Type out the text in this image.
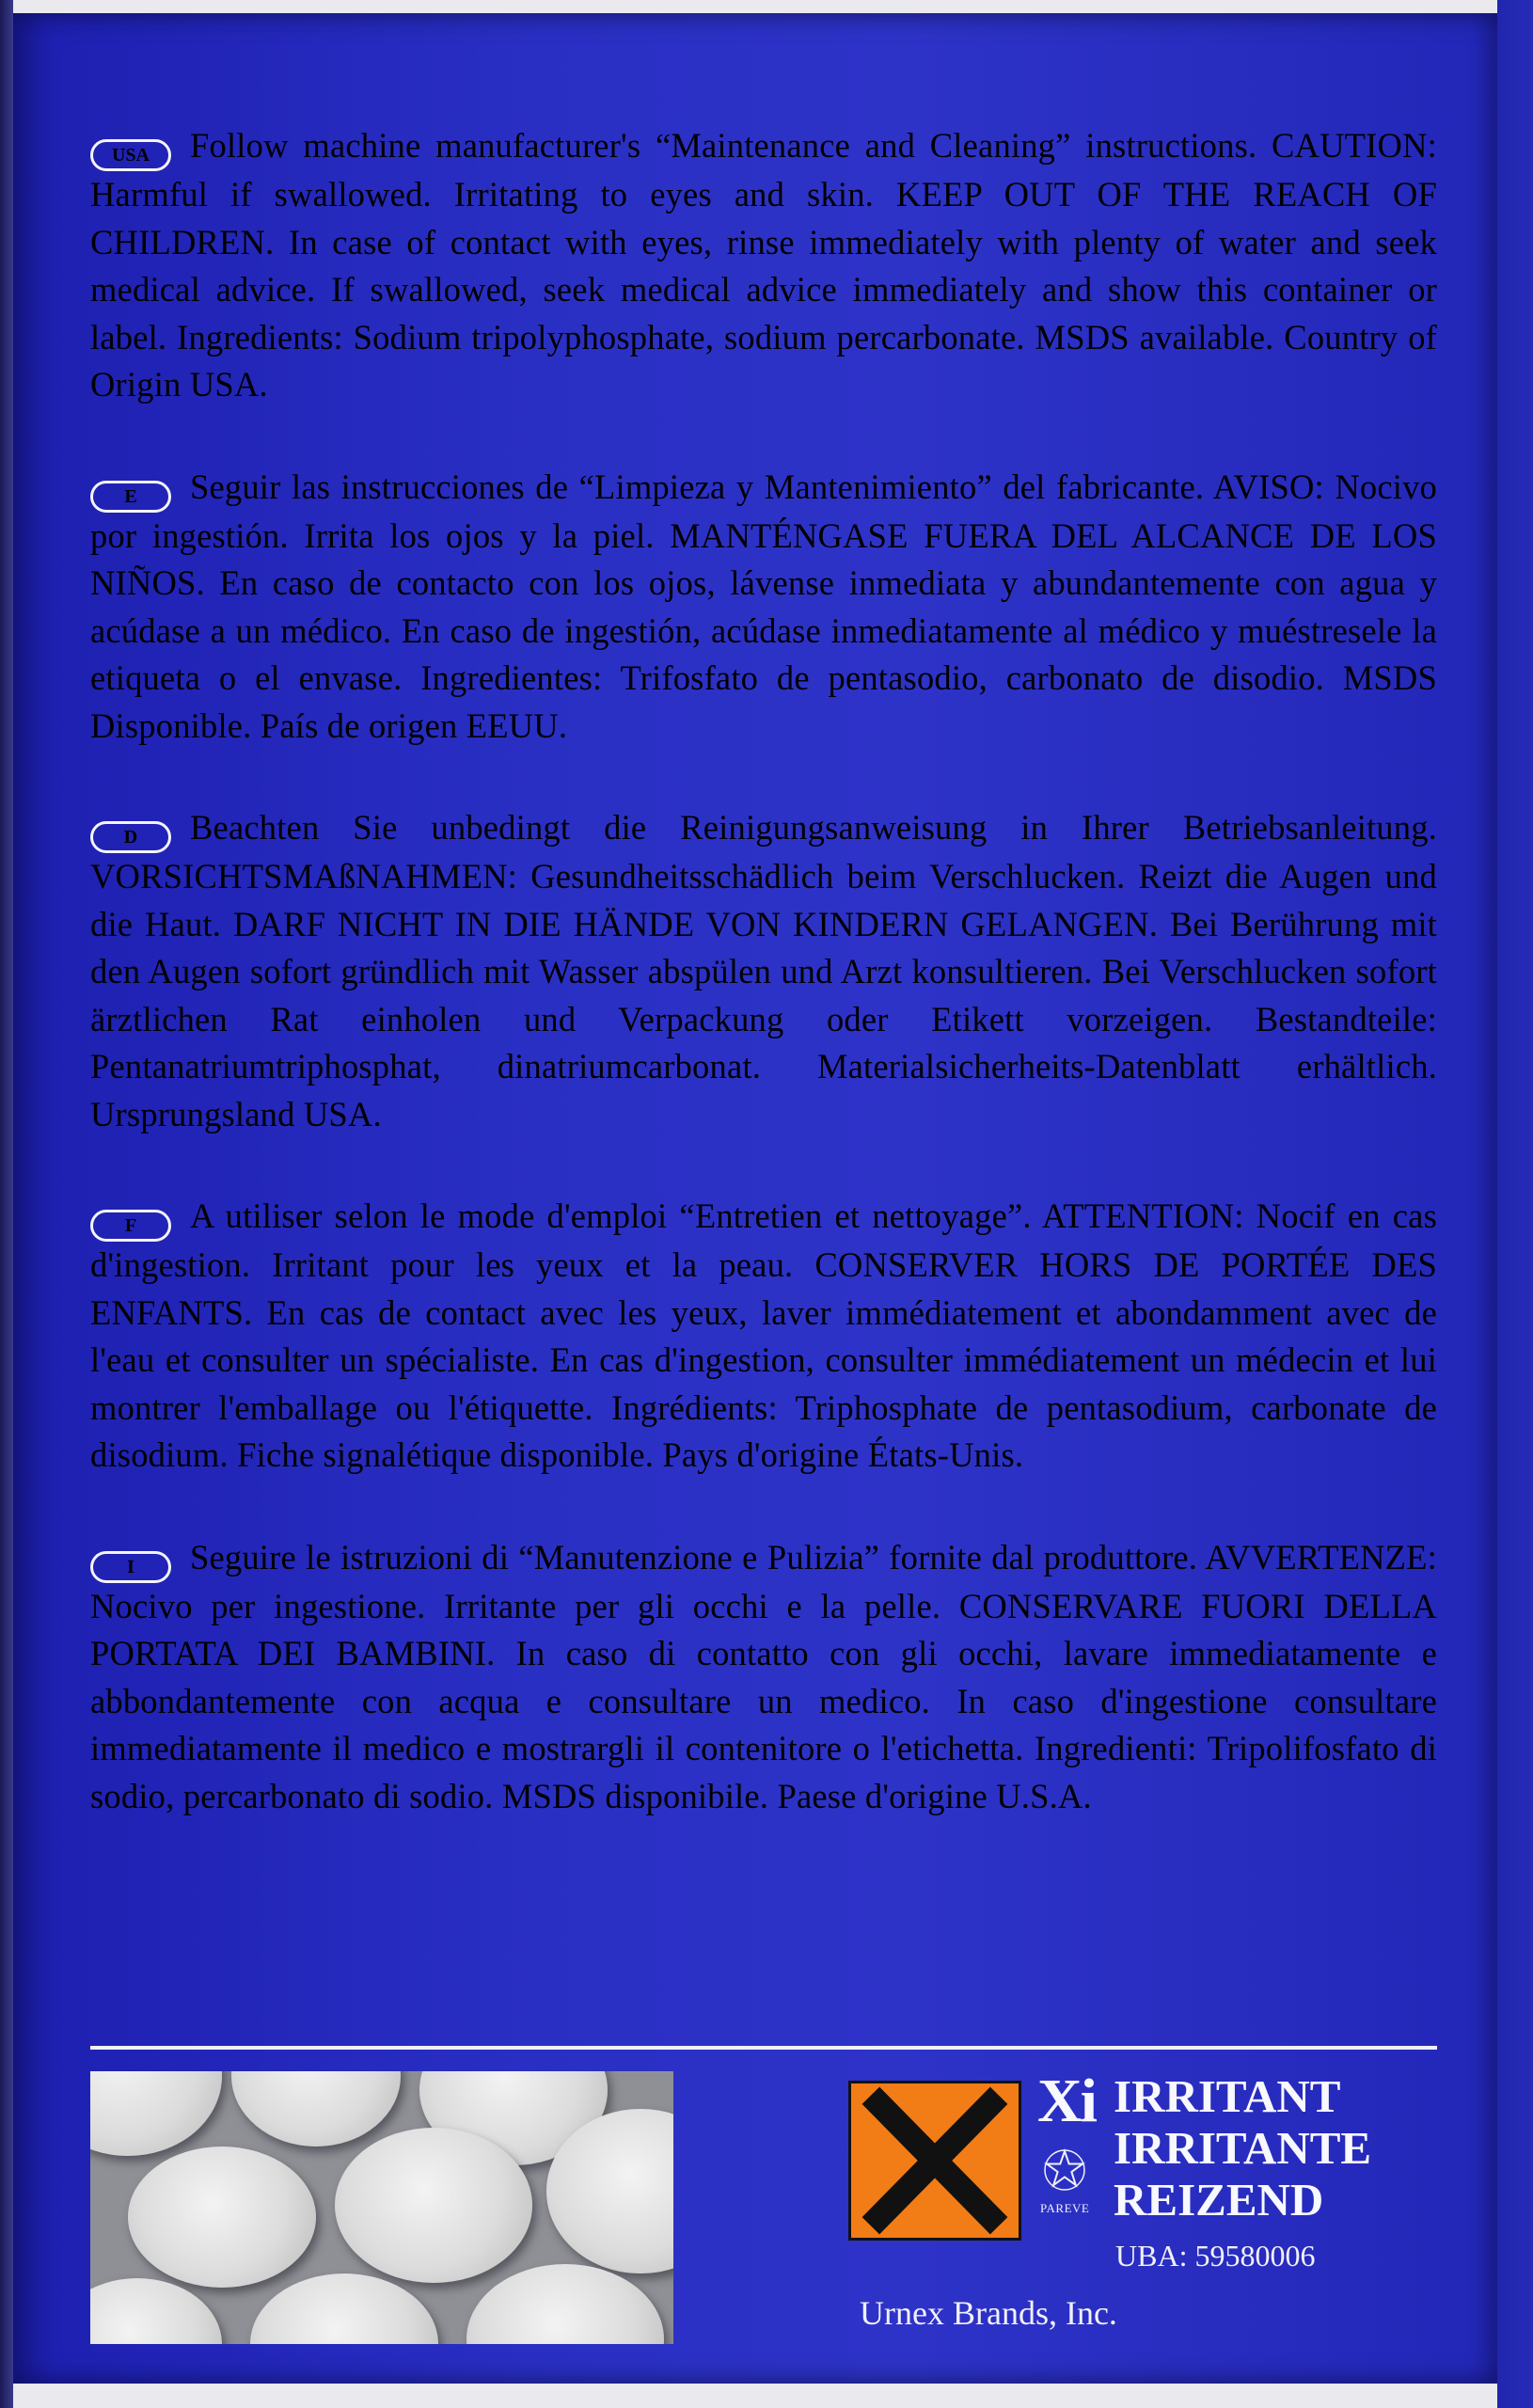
USA Follow machine manufacturer's “Maintenance and Cleaning” instructions. CAUTION: Harmful if swallowed. Irritating to eyes and skin. KEEP OUT OF THE REACH OF CHILDREN. In case of contact with eyes, rinse immediately with plenty of water and seek medical advice. If swallowed, seek medical advice immediately and show this container or label. Ingredients: Sodium tripolyphosphate, sodium percarbonate. MSDS available. Country of Origin USA.

E Seguir las instrucciones de “Limpieza y Mantenimiento” del fabricante. AVISO: Nocivo por ingestión. Irrita los ojos y la piel. MANTÉNGASE FUERA DEL ALCANCE DE LOS NIÑOS. En caso de contacto con los ojos, lávense inmediata y abundantemente con agua y acúdase a un médico. En caso de ingestión, acúdase inmediatamente al médico y muéstresele la etiqueta o el envase. Ingredientes: Trifosfato de pentasodio, carbonato de disodio. MSDS Disponible. País de origen EEUU.

D Beachten Sie unbedingt die Reinigungsanweisung in Ihrer Betriebsanleitung. VORSICHTSMAßNAHMEN: Gesundheitsschädlich beim Verschlucken. Reizt die Augen und die Haut. DARF NICHT IN DIE HÄNDE VON KINDERN GELANGEN. Bei Berührung mit den Augen sofort gründlich mit Wasser abspülen und Arzt konsultieren. Bei Verschlucken sofort ärztlichen Rat einholen und Verpackung oder Etikett vorzeigen. Bestandteile: Pentanatriumtriphosphat, dinatriumcarbonat. Materialsicherheits-Datenblatt erhältlich. Ursprungsland USA.

F A utiliser selon le mode d'emploi “Entretien et nettoyage”. ATTENTION: Nocif en cas d'ingestion. Irritant pour les yeux et la peau. CONSERVER HORS DE PORTÉE DES ENFANTS. En cas de contact avec les yeux, laver immédiatement et abondamment avec de l'eau et consulter un spécialiste. En cas d'ingestion, consulter immédiatement un médecin et lui montrer l'emballage ou l'étiquette. Ingrédients: Triphosphate de pentasodium, carbonate de disodium. Fiche signalétique disponible. Pays d'origine États-Unis.

I Seguire le istruzioni di “Manutenzione e Pulizia” fornite dal produttore. AVVERTENZE: Nocivo per ingestione. Irritante per gli occhi e la pelle. CONSERVARE FUORI DELLA PORTATA DEI BAMBINI. In caso di contatto con gli occhi, lavare immediatamente e abbondantemente con acqua e consultare un medico. In caso d'ingestione consultare immediatamente il medico e mostrargli il contenitore o l'etichetta. Ingredienti: Tripolifosfato di sodio, percarbonato di sodio. MSDS disponibile. Paese d'origine U.S.A.

Xi IRRITANT
IRRITANTE
REIZEND
PAREVE
UBA: 59580006
Urnex Brands, Inc.
